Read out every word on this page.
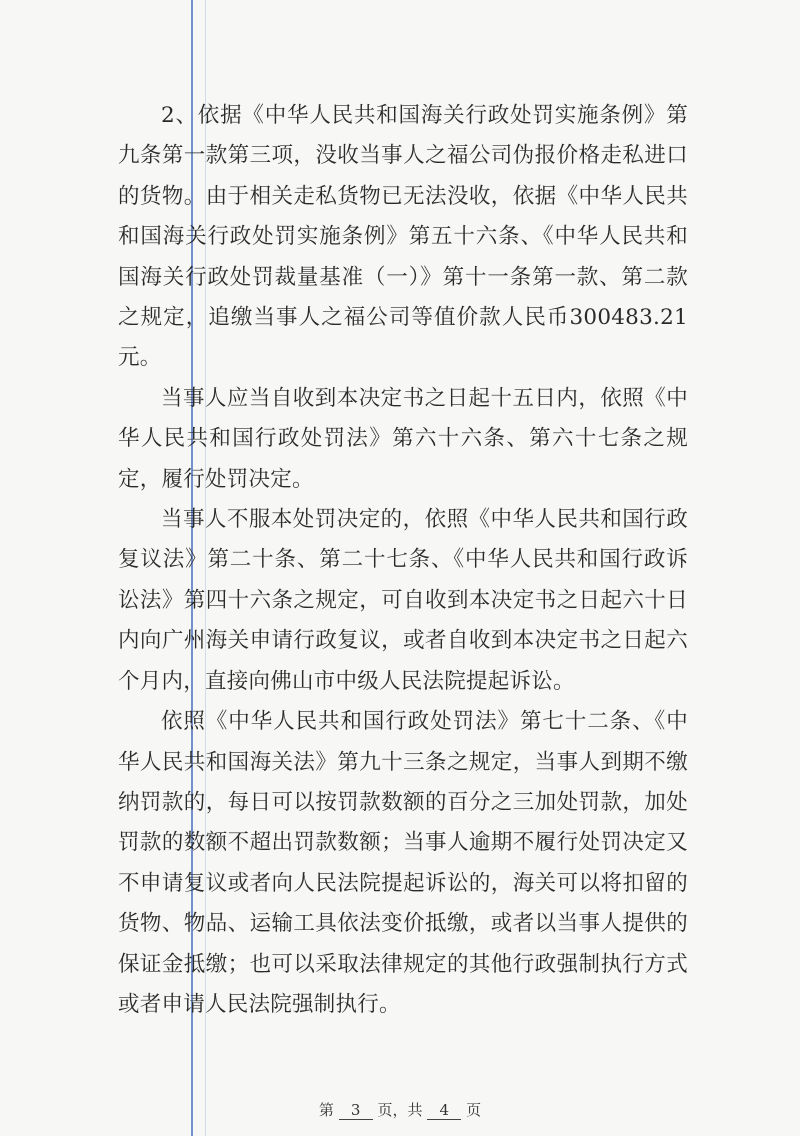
2、依据《中华人民共和国海关行政处罚实施条例》第九条第一款第三项，没收当事人之福公司伪报价格走私进口的货物。由于相关走私货物已无法没收，依据《中华人民共和国海关行政处罚实施条例》第五十六条、《中华人民共和国海关行政处罚裁量基准（一）》第十一条第一款、第二款之规定，追缴当事人之福公司等值价款人民币300483.21元。

当事人应当自收到本决定书之日起十五日内，依照《中华人民共和国行政处罚法》第六十六条、第六十七条之规定，履行处罚决定。

当事人不服本处罚决定的，依照《中华人民共和国行政复议法》第二十条、第二十七条、《中华人民共和国行政诉讼法》第四十六条之规定，可自收到本决定书之日起六十日内向广州海关申请行政复议，或者自收到本决定书之日起六个月内，直接向佛山市中级人民法院提起诉讼。

依照《中华人民共和国行政处罚法》第七十二条、《中华人民共和国海关法》第九十三条之规定，当事人到期不缴纳罚款的，每日可以按罚款数额的百分之三加处罚款，加处罚款的数额不超出罚款数额；当事人逾期不履行处罚决定又不申请复议或者向人民法院提起诉讼的，海关可以将扣留的货物、物品、运输工具依法变价抵缴，或者以当事人提供的保证金抵缴；也可以采取法律规定的其他行政强制执行方式或者申请人民法院强制执行。

第 3 页，共 4 页
